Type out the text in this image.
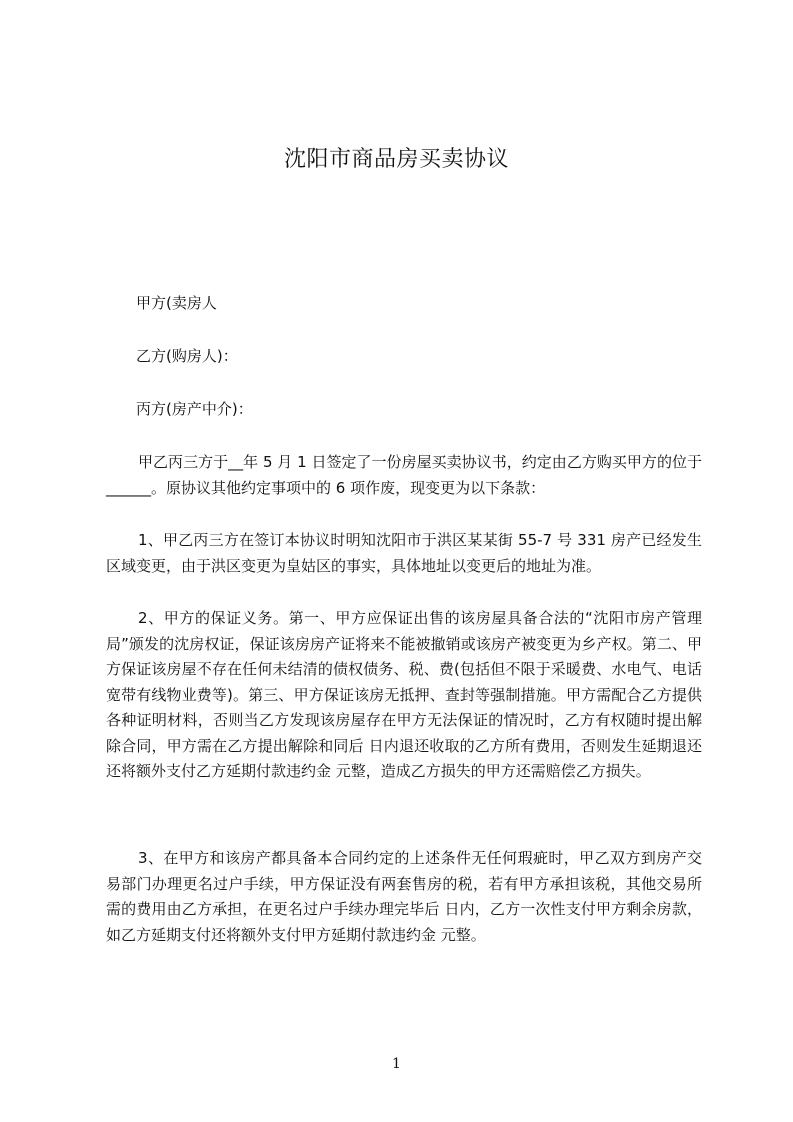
沈阳市商品房买卖协议
甲方(卖房人
乙方(购房人)：
丙方(房产中介)：
甲乙丙三方于__年 5 月 1 日签定了一份房屋买卖协议书，约定由乙方购买甲方的位于______。原协议其他约定事项中的 6 项作废，现变更为以下条款：
1、甲乙丙三方在签订本协议时明知沈阳市于洪区某某街 55-7 号 331 房产已经发生区域变更，由于洪区变更为皇姑区的事实，具体地址以变更后的地址为准。
2、甲方的保证义务。第一、甲方应保证出售的该房屋具备合法的“沈阳市房产管理局”颁发的沈房权证，保证该房房产证将来不能被撤销或该房产被变更为乡产权。第二、甲方保证该房屋不存在任何未结清的债权债务、税、费(包括但不限于采暖费、水电气、电话宽带有线物业费等)。第三、甲方保证该房无抵押、查封等强制措施。甲方需配合乙方提供各种证明材料，否则当乙方发现该房屋存在甲方无法保证的情况时，乙方有权随时提出解除合同，甲方需在乙方提出解除和同后 日内退还收取的乙方所有费用，否则发生延期退还还将额外支付乙方延期付款违约金 元整，造成乙方损失的甲方还需赔偿乙方损失。
3、在甲方和该房产都具备本合同约定的上述条件无任何瑕疵时，甲乙双方到房产交易部门办理更名过户手续，甲方保证没有两套售房的税，若有甲方承担该税，其他交易所需的费用由乙方承担，在更名过户手续办理完毕后 日内，乙方一次性支付甲方剩余房款，如乙方延期支付还将额外支付甲方延期付款违约金 元整。
1
